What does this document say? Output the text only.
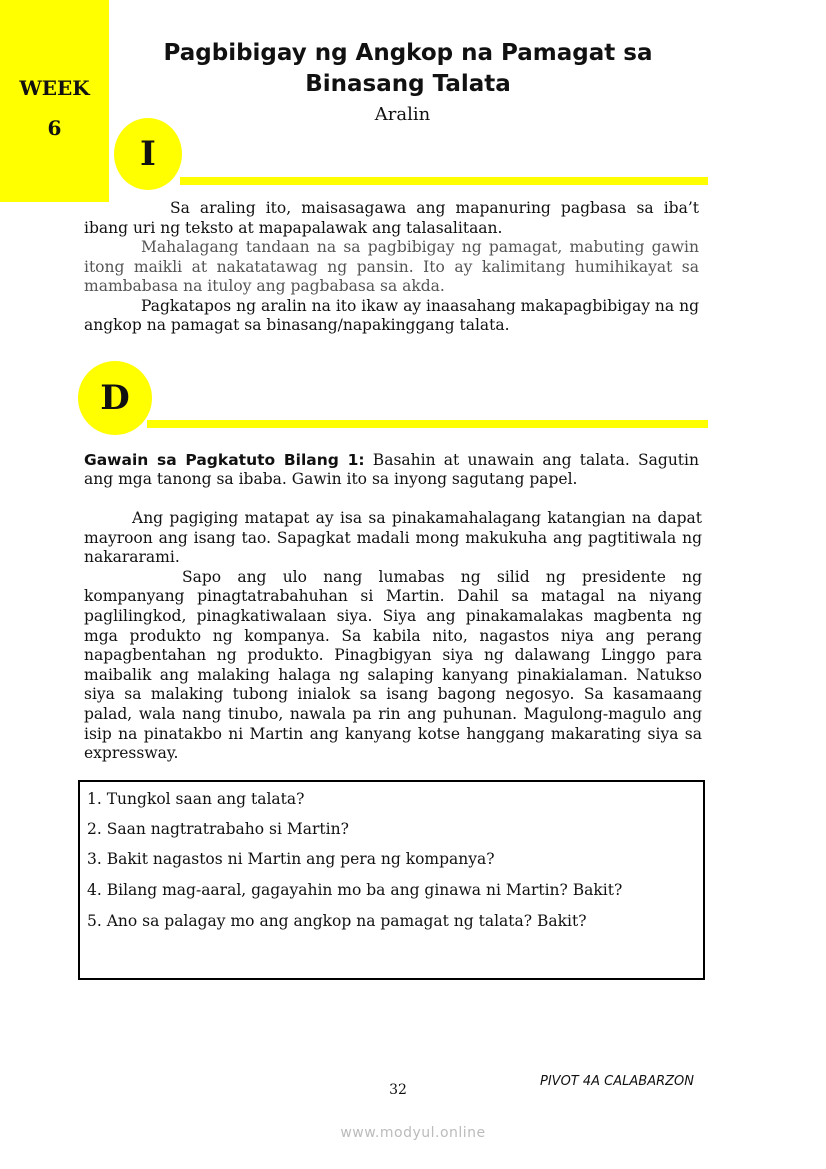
WEEK
6
Pagbibigay ng Angkop na Pamagat sa
Binasang Talata
Aralin
I

Sa araling ito, maisasagawa ang mapanuring pagbasa sa iba’t ibang uri ng teksto at mapapalawak ang talasalitaan.

Mahalagang tandaan na sa pagbibigay ng pamagat, mabuting gawin itong maikli at nakatatawag ng pansin. Ito ay kalimitang humihikayat sa mambabasa na ituloy ang pagbabasa sa akda.

Pagkatapos ng aralin na ito ikaw ay inaasahang makapagbibigay na ng angkop na pamagat sa binasang/napakinggang talata.

D

Gawain sa Pagkatuto Bilang 1: Basahin at unawain ang talata. Sagutin ang mga tanong sa ibaba. Gawin ito sa inyong sagutang papel.

Ang pagiging matapat ay isa sa pinakamahalagang katangian na dapat mayroon ang isang tao. Sapagkat madali mong makukuha ang pagtitiwala ng nakararami.

Sapo ang ulo nang lumabas ng silid ng presidente ng kompanyang pinagtatrabahuhan si Martin. Dahil sa matagal na niyang paglilingkod, pinagkatiwalaan siya. Siya ang pinakamalakas magbenta ng mga produkto ng kompanya. Sa kabila nito, nagastos niya ang perang napagbentahan ng produkto. Pinagbigyan siya ng dalawang Linggo para maibalik ang malaking halaga ng salaping kanyang pinakialaman. Natukso siya sa malaking tubong inialok sa isang bagong negosyo. Sa kasamaang palad, wala nang tinubo, nawala pa rin ang puhunan. Magulong-magulo ang isip na pinatakbo ni Martin ang kanyang kotse hanggang makarating siya sa expressway.

1. Tungkol saan ang talata?
2. Saan nagtratrabaho si Martin?
3. Bakit nagastos ni Martin ang pera ng kompanya?
4. Bilang mag-aaral, gagayahin mo ba ang ginawa ni Martin? Bakit?
5. Ano sa palagay mo ang angkop na pamagat ng talata? Bakit?
PIVOT 4A CALABARZON
32
www.modyul.online
